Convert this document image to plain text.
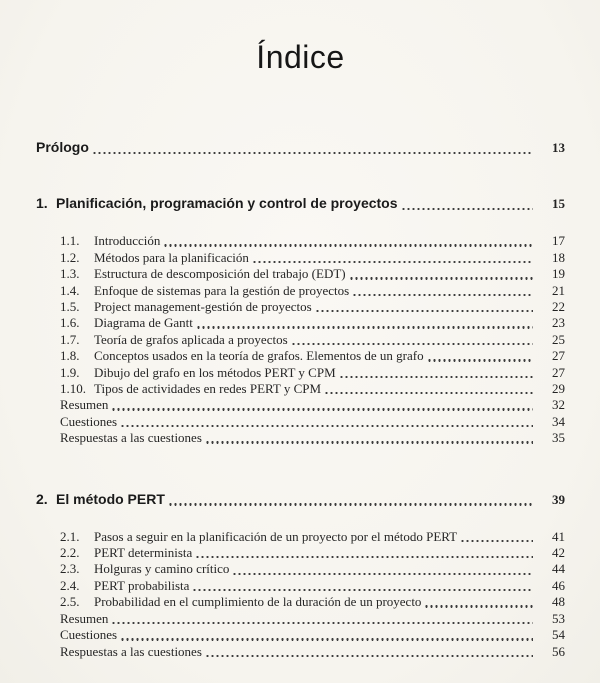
Índice
Prólogo	13
1. Planificación, programación y control de proyectos	15
1.1.	Introducción	17
1.2.	Métodos para la planificación	18
1.3.	Estructura de descomposición del trabajo (EDT)	19
1.4.	Enfoque de sistemas para la gestión de proyectos	21
1.5.	Project management-gestión de proyectos	22
1.6.	Diagrama de Gantt	23
1.7.	Teoría de grafos aplicada a proyectos	25
1.8.	Conceptos usados en la teoría de grafos. Elementos de un grafo	27
1.9.	Dibujo del grafo en los métodos PERT y CPM	27
1.10. Tipos de actividades en redes PERT y CPM	29
Resumen	32
Cuestiones	34
Respuestas a las cuestiones	35
2. El método PERT	39
2.1.	Pasos a seguir en la planificación de un proyecto por el método PERT	41
2.2.	PERT determinista	42
2.3.	Holguras y camino crítico	44
2.4.	PERT probabilista	46
2.5.	Probabilidad en el cumplimiento de la duración de un proyecto	48
Resumen	53
Cuestiones	54
Respuestas a las cuestiones	56
